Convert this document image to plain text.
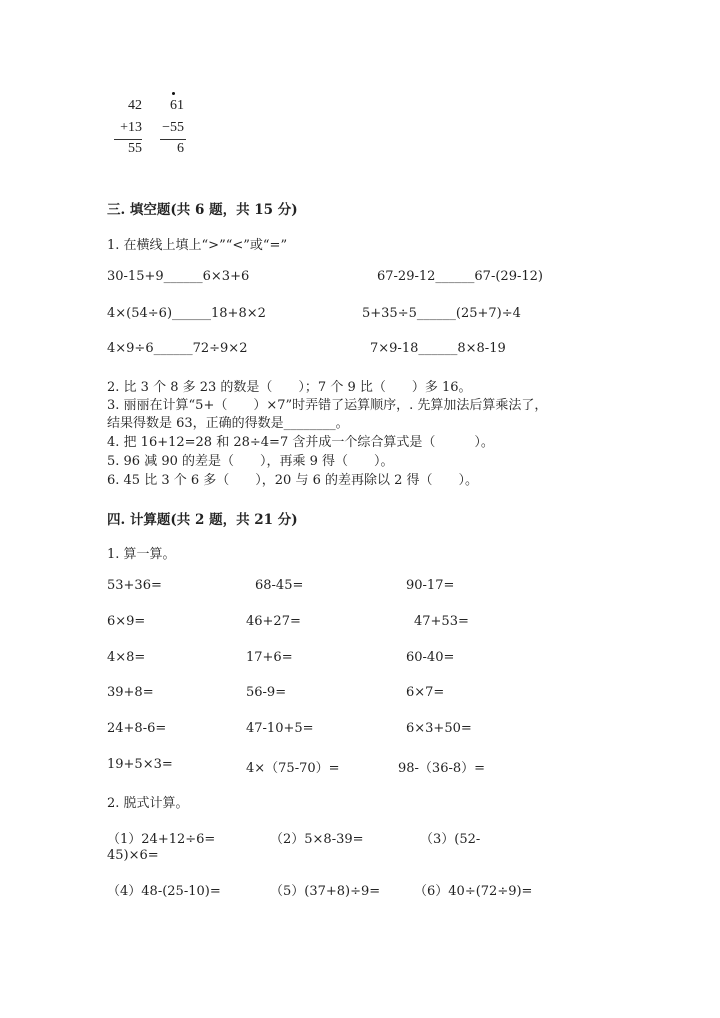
42
+13
55
61
−55
6
三. 填空题(共 6 题，共 15 分)
1. 在横线上填上“>”“<”或“=”
30-15+9______6×3+6	67-29-12______67-(29-12)
4×(54÷6)______18+8×2	5+35÷5______(25+7)÷4
4×9÷6______72÷9×2	7×9-18______8×8-19
2. 比 3 个 8 多 23 的数是（　　）；7 个 9 比（　　）多 16。
3. 丽丽在计算“5+（　　）×7”时弄错了运算顺序，. 先算加法后算乘法了，
结果得数是 63，正确的得数是________。
4. 把 16+12=28 和 28÷4=7 含并成一个综合算式是（　　　）。
5. 96 减 90 的差是（　　），再乘 9 得（　　）。
6. 45 比 3 个 6 多（　　），20 与 6 的差再除以 2 得（　　）。
四. 计算题(共 2 题，共 21 分)
1. 算一算。
53+36=	68-45=	90-17=
6×9=	46+27=	47+53=
4×8=	17+6=	60-40=
39+8=	56-9=	6×7=
24+8-6=	47-10+5=	6×3+50=
19+5×3=	4×（75-70）=	98-（36-8）=
2. 脱式计算。
（1）24+12÷6=	（2）5×8-39=	（3）(52-
45)×6=
（4）48-(25-10)=	（5）(37+8)÷9=	（6）40÷(72÷9)=
